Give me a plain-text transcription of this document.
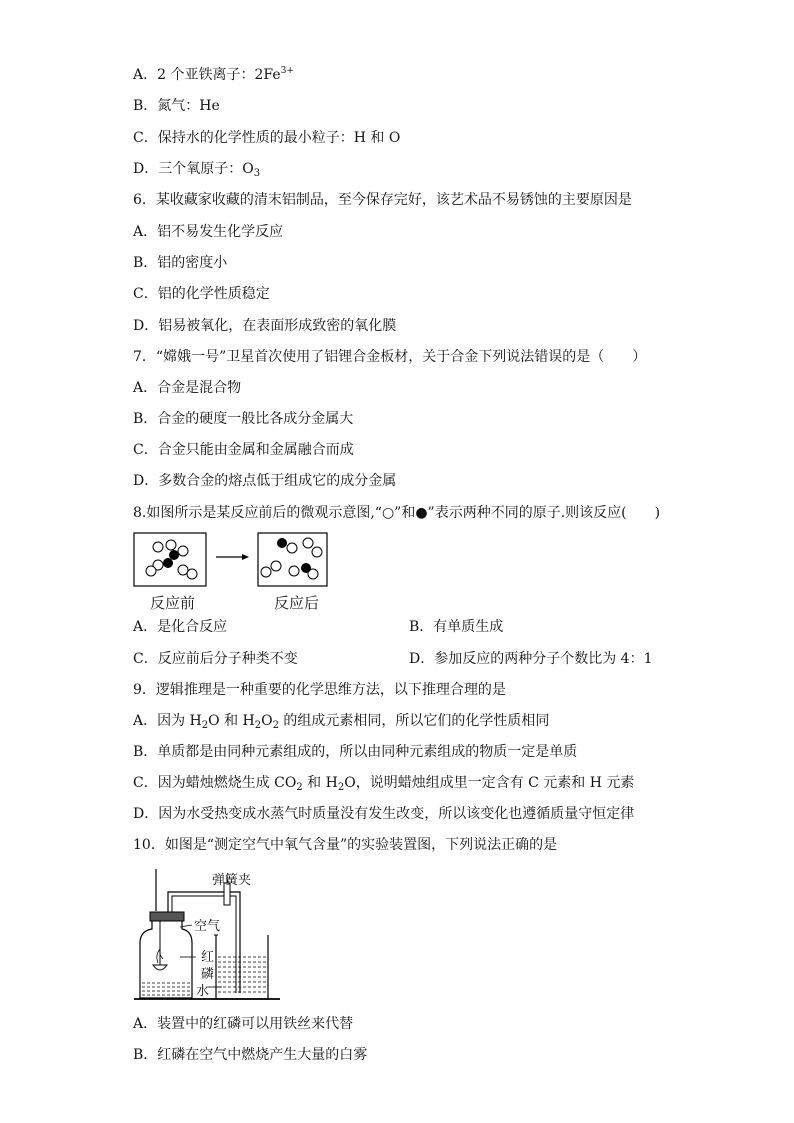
A．2 个亚铁离子：$2Fe^{3+}$
B．氮气：He
C．保持水的化学性质的最小粒子：H 和 O
D．三个氧原子：$O_3$
6．某收藏家收藏的清末铝制品，至今保存完好，该艺术品不易锈蚀的主要原因是
A．铝不易发生化学反应
B．铝的密度小
C．铝的化学性质稳定
D．铝易被氧化，在表面形成致密的氧化膜
7．“嫦娥一号”卫星首次使用了铝锂合金板材，关于合金下列说法错误的是（　　）
A．合金是混合物
B．合金的硬度一般比各成分金属大
C．合金只能由金属和金属融合而成
D．多数合金的熔点低于组成它的成分金属
8.如图所示是某反应前后的微观示意图,“○”和●”表示两种不同的原子.则该反应(　　)
反应前	反应后
A．是化合反应	B．有单质生成
C．反应前后分子种类不变	D．参加反应的两种分子个数比为 4：1
9．逻辑推理是一种重要的化学思维方法，以下推理合理的是
A．因为 $H_2O$ 和 $H_2O_2$ 的组成元素相同，所以它们的化学性质相同
B．单质都是由同种元素组成的，所以由同种元素组成的物质一定是单质
C．因为蜡烛燃烧生成 $CO_2$ 和 $H_2O$，说明蜡烛组成里一定含有 C 元素和 H 元素
D．因为水受热变成水蒸气时质量没有发生改变，所以该变化也遵循质量守恒定律
10．如图是“测定空气中氧气含量”的实验装置图，下列说法正确的是
弹簧夹
空气
红
磷
水
A．装置中的红磷可以用铁丝来代替
B．红磷在空气中燃烧产生大量的白雾
